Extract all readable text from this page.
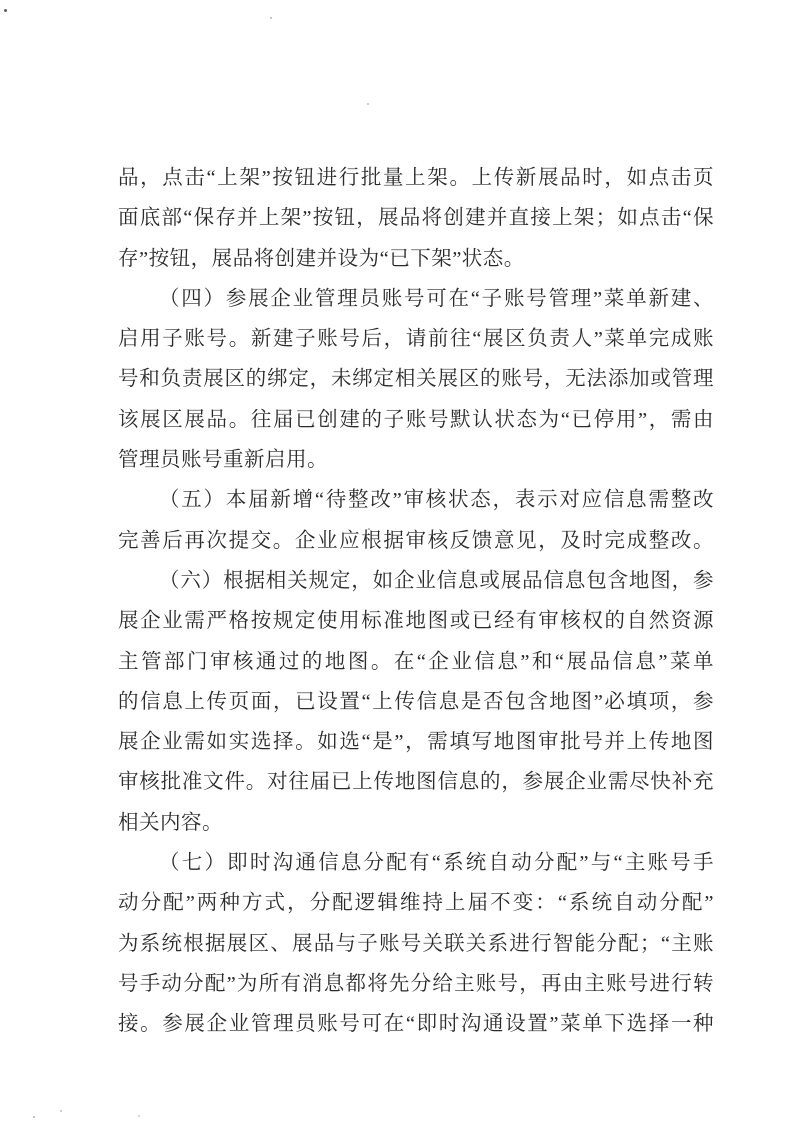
品，点击“上架”按钮进行批量上架。上传新展品时，如点击页
面底部“保存并上架”按钮，展品将创建并直接上架；如点击“保
存”按钮，展品将创建并设为“已下架”状态。
（四）参展企业管理员账号可在“子账号管理”菜单新建、
启用子账号。新建子账号后，请前往“展区负责人”菜单完成账
号和负责展区的绑定，未绑定相关展区的账号，无法添加或管理
该展区展品。往届已创建的子账号默认状态为“已停用”，需由
管理员账号重新启用。
（五）本届新增“待整改”审核状态，表示对应信息需整改
完善后再次提交。企业应根据审核反馈意见，及时完成整改。
（六）根据相关规定，如企业信息或展品信息包含地图，参
展企业需严格按规定使用标准地图或已经有审核权的自然资源
主管部门审核通过的地图。在“企业信息”和“展品信息”菜单
的信息上传页面，已设置“上传信息是否包含地图”必填项，参
展企业需如实选择。如选“是”，需填写地图审批号并上传地图
审核批准文件。对往届已上传地图信息的，参展企业需尽快补充
相关内容。
（七）即时沟通信息分配有“系统自动分配”与“主账号手
动分配”两种方式，分配逻辑维持上届不变：“系统自动分配”
为系统根据展区、展品与子账号关联关系进行智能分配；“主账
号手动分配”为所有消息都将先分给主账号，再由主账号进行转
接。参展企业管理员账号可在“即时沟通设置”菜单下选择一种
